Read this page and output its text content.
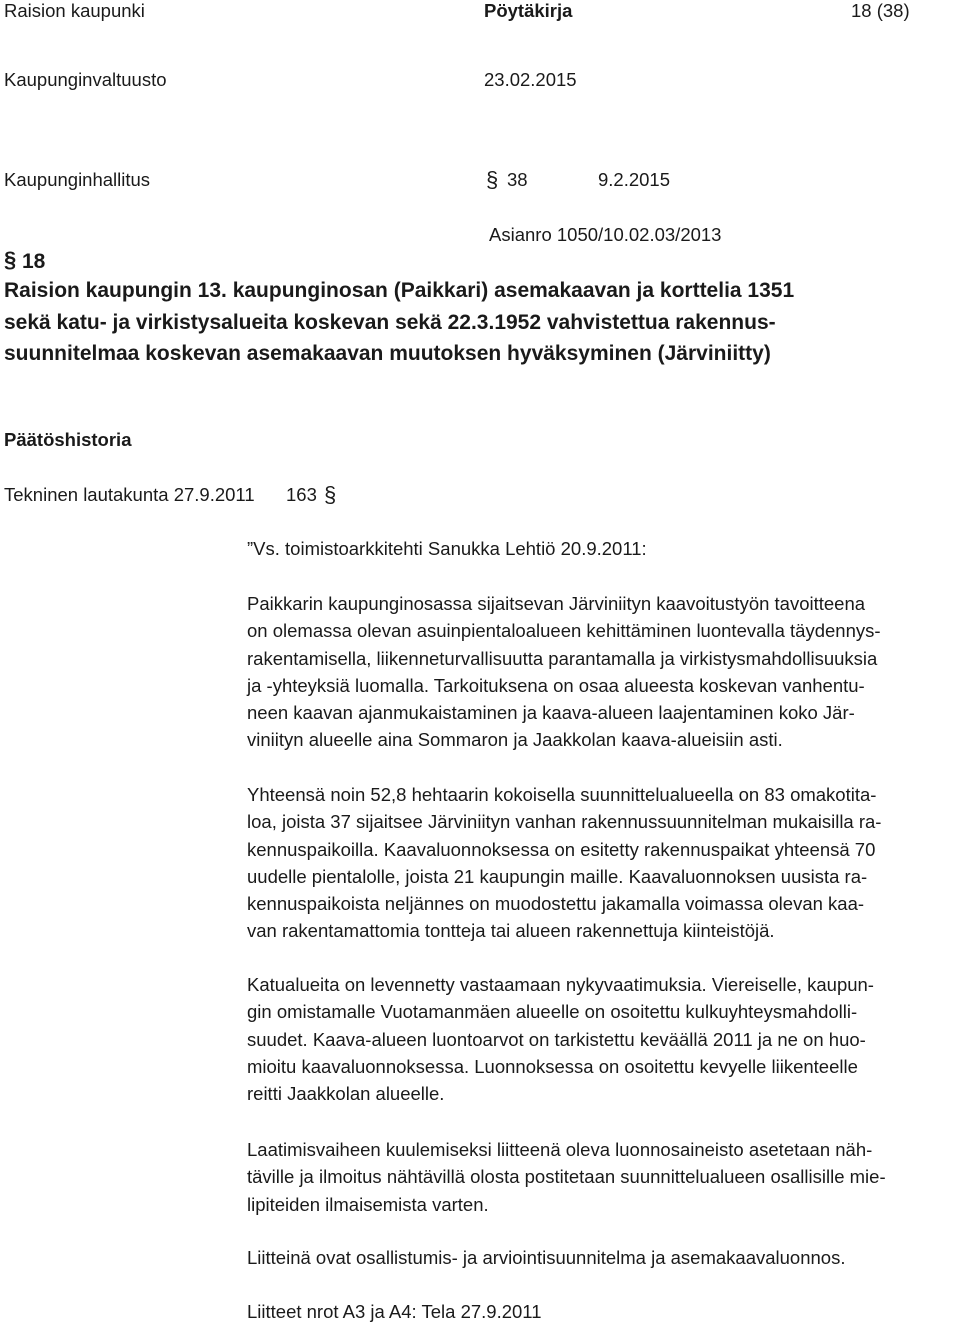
Raision kaupunki	Pöytäkirja	18 (38)
Kaupunginvaltuusto	23.02.2015
Kaupunginhallitus	§ 38	9.2.2015
Asianro 1050/10.02.03/2013
§ 18
Raision kaupungin 13. kaupunginosan (Paikkari) asemakaavan ja korttelia 1351
sekä katu- ja virkistysalueita koskevan sekä 22.3.1952 vahvistettua rakennus-
suunnitelmaa koskevan asemakaavan muutoksen hyväksyminen (Järviniitty)
Päätöshistoria
Tekninen lautakunta 27.9.2011 163 §
”Vs. toimistoarkkitehti Sanukka Lehtiö 20.9.2011:
Paikkarin kaupunginosassa sijaitsevan Järviniityn kaavoitustyön tavoitteena
on olemassa olevan asuinpientaloalueen kehittäminen luontevalla täydennys-
rakentamisella, liikenneturvallisuutta parantamalla ja virkistysmahdollisuuksia
ja -yhteyksiä luomalla. Tarkoituksena on osaa alueesta koskevan vanhentu-
neen kaavan ajanmukaistaminen ja kaava-alueen laajentaminen koko Jär-
viniityn alueelle aina Sommaron ja Jaakkolan kaava-alueisiin asti.
Yhteensä noin 52,8 hehtaarin kokoisella suunnittelualueella on 83 omakotita-
loa, joista 37 sijaitsee Järviniityn vanhan rakennussuunnitelman mukaisilla ra-
kennuspaikoilla. Kaavaluonnoksessa on esitetty rakennuspaikat yhteensä 70
uudelle pientalolle, joista 21 kaupungin maille. Kaavaluonnoksen uusista ra-
kennuspaikoista neljännes on muodostettu jakamalla voimassa olevan kaa-
van rakentamattomia tontteja tai alueen rakennettuja kiinteistöjä.
Katualueita on levennetty vastaamaan nykyvaatimuksia. Viereiselle, kaupun-
gin omistamalle Vuotamanmäen alueelle on osoitettu kulkuyhteysmahdolli-
suudet. Kaava-alueen luontoarvot on tarkistettu keväällä 2011 ja ne on huo-
mioitu kaavaluonnoksessa. Luonnoksessa on osoitettu kevyelle liikenteelle
reitti Jaakkolan alueelle.
Laatimisvaiheen kuulemiseksi liitteenä oleva luonnosaineisto asetetaan näh-
täville ja ilmoitus nähtävillä olosta postitetaan suunnittelualueen osallisille mie-
lipiteiden ilmaisemista varten.
Liitteinä ovat osallistumis- ja arviointisuunnitelma ja asemakaavaluonnos.
Liitteet nrot A3 ja A4: Tela 27.9.2011
